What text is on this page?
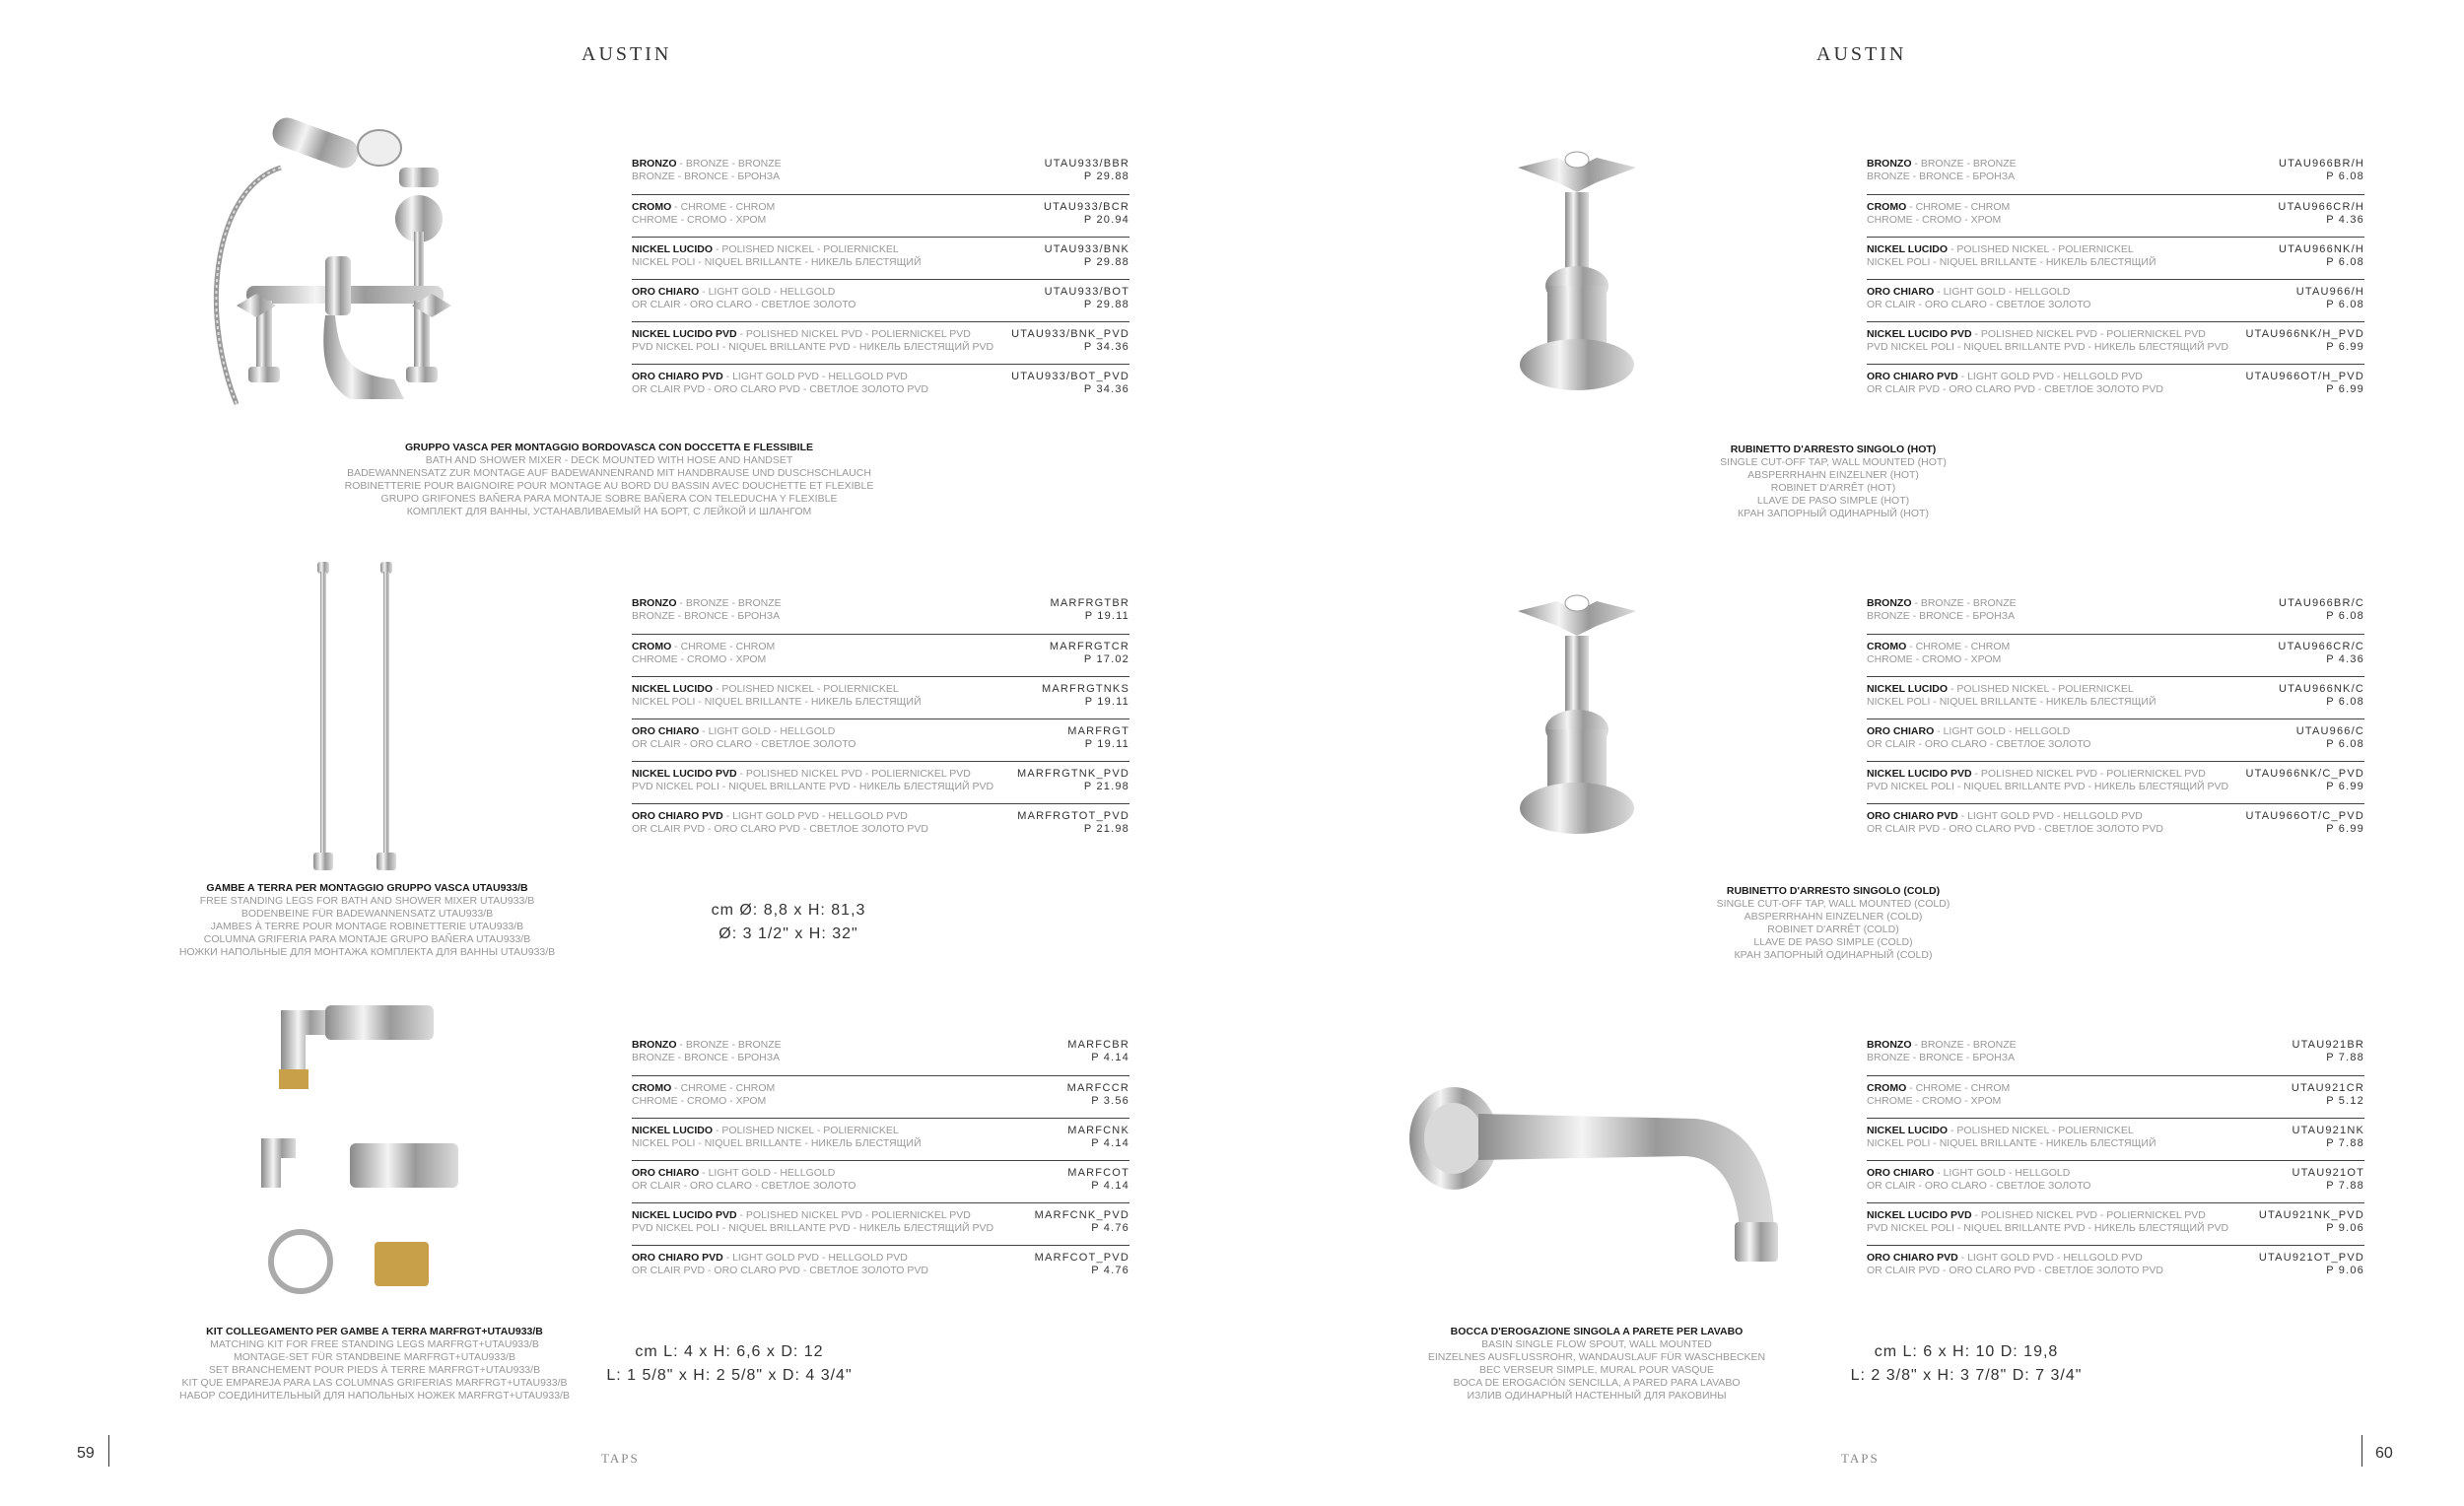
AUSTIN	AUSTIN
59	TAPS	TAPS	60
BRONZO - BRONZE - BRONZE
BRONZE - BRONCE - БРОНЗА
UTAU933/BBR
P 29.88
CROMO - CHROME - CHROM
CHROME - CROMO - ХРОМ
UTAU933/BCR
P 20.94
NICKEL LUCIDO - POLISHED NICKEL - POLIERNICKEL
NICKEL POLI - NIQUEL BRILLANTE - НИКЕЛЬ БЛЕСТЯЩИЙ
UTAU933/BNK
P 29.88
ORO CHIARO - LIGHT GOLD - HELLGOLD
OR CLAIR - ORO CLARO - СВЕТЛОЕ ЗОЛОТО
UTAU933/BOT
P 29.88
NICKEL LUCIDO PVD - POLISHED NICKEL PVD - POLIERNICKEL PVD
PVD NICKEL POLI - NIQUEL BRILLANTE PVD - НИКЕЛЬ БЛЕСТЯЩИЙ PVD
UTAU933/BNK_PVD
P 34.36
ORO CHIARO PVD - LIGHT GOLD PVD - HELLGOLD PVD
OR CLAIR PVD - ORO CLARO PVD - СВЕТЛОЕ ЗОЛОТО PVD
UTAU933/BOT_PVD
P 34.36
GRUPPO VASCA PER MONTAGGIO BORDOVASCA CON DOCCETTA E FLESSIBILE
BATH AND SHOWER MIXER - DECK MOUNTED WITH HOSE AND HANDSET
BADEWANNENSATZ ZUR MONTAGE AUF BADEWANNENRAND MIT HANDBRAUSE UND DUSCHSCHLAUCH
ROBINETTERIE POUR BAIGNOIRE POUR MONTAGE AU BORD DU BASSIN AVEC DOUCHETTE ET FLEXIBLE
GRUPO GRIFONES BAÑERA PARA MONTAJE SOBRE BAÑERA CON TELEDUCHA Y FLEXIBLE
КОМПЛЕКТ ДЛЯ ВАННЫ, УСТАНАВЛИВАЕМЫЙ НА БОРТ, С ЛЕЙКОЙ И ШЛАНГОМ
BRONZO - BRONZE - BRONZE
BRONZE - BRONCE - БРОНЗА
MARFRGTBR
P 19.11
CROMO - CHROME - CHROM
CHROME - CROMO - ХРОМ
MARFRGTCR
P 17.02
NICKEL LUCIDO - POLISHED NICKEL - POLIERNICKEL
NICKEL POLI - NIQUEL BRILLANTE - НИКЕЛЬ БЛЕСТЯЩИЙ
MARFRGTNKS
P 19.11
ORO CHIARO - LIGHT GOLD - HELLGOLD
OR CLAIR - ORO CLARO - СВЕТЛОЕ ЗОЛОТО
MARFRGT
P 19.11
NICKEL LUCIDO PVD - POLISHED NICKEL PVD - POLIERNICKEL PVD
PVD NICKEL POLI - NIQUEL BRILLANTE PVD - НИКЕЛЬ БЛЕСТЯЩИЙ PVD
MARFRGTNK_PVD
P 21.98
ORO CHIARO PVD - LIGHT GOLD PVD - HELLGOLD PVD
OR CLAIR PVD - ORO CLARO PVD - СВЕТЛОЕ ЗОЛОТО PVD
MARFRGTOT_PVD
P 21.98
GAMBE A TERRA PER MONTAGGIO GRUPPO VASCA UTAU933/B
FREE STANDING LEGS FOR BATH AND SHOWER MIXER UTAU933/B
BODENBEINE FÜR BADEWANNENSATZ UTAU933/B
JAMBES À TERRE POUR MONTAGE ROBINETTERIE UTAU933/B
COLUMNA GRIFERIA PARA MONTAJE GRUPO BAÑERA UTAU933/B
НОЖКИ НАПОЛЬНЫЕ ДЛЯ МОНТАЖА КОМПЛЕКТА ДЛЯ ВАННЫ UTAU933/B
cm Ø: 8,8 x H: 81,3
Ø: 3 1/2" x H: 32"
BRONZO - BRONZE - BRONZE
BRONZE - BRONCE - БРОНЗА
MARFCBR
P 4.14
CROMO - CHROME - CHROM
CHROME - CROMO - ХРОМ
MARFCCR
P 3.56
NICKEL LUCIDO - POLISHED NICKEL - POLIERNICKEL
NICKEL POLI - NIQUEL BRILLANTE - НИКЕЛЬ БЛЕСТЯЩИЙ
MARFCNK
P 4.14
ORO CHIARO - LIGHT GOLD - HELLGOLD
OR CLAIR - ORO CLARO - СВЕТЛОЕ ЗОЛОТО
MARFCOT
P 4.14
NICKEL LUCIDO PVD - POLISHED NICKEL PVD - POLIERNICKEL PVD
PVD NICKEL POLI - NIQUEL BRILLANTE PVD - НИКЕЛЬ БЛЕСТЯЩИЙ PVD
MARFCNK_PVD
P 4.76
ORO CHIARO PVD - LIGHT GOLD PVD - HELLGOLD PVD
OR CLAIR PVD - ORO CLARO PVD - СВЕТЛОЕ ЗОЛОТО PVD
MARFCOT_PVD
P 4.76
KIT COLLEGAMENTO PER GAMBE A TERRA MARFRGT+UTAU933/B
MATCHING KIT FOR FREE STANDING LEGS MARFRGT+UTAU933/B
MONTAGE-SET FÜR STANDBEINE MARFRGT+UTAU933/B
SET BRANCHEMENT POUR PIEDS À TERRE MARFRGT+UTAU933/B
KIT QUE EMPAREJA PARA LAS COLUMNAS GRIFERIAS MARFRGT+UTAU933/B
НАБОР СОЕДИНИТЕЛЬНЫЙ ДЛЯ НАПОЛЬНЫХ НОЖЕК MARFRGT+UTAU933/B
cm L: 4 x H: 6,6 x D: 12
L: 1 5/8" x H: 2 5/8" x D: 4 3/4"
BRONZO - BRONZE - BRONZE
BRONZE - BRONCE - БРОНЗА
UTAU966BR/H
P 6.08
CROMO - CHROME - CHROM
CHROME - CROMO - ХРОМ
UTAU966CR/H
P 4.36
NICKEL LUCIDO - POLISHED NICKEL - POLIERNICKEL
NICKEL POLI - NIQUEL BRILLANTE - НИКЕЛЬ БЛЕСТЯЩИЙ
UTAU966NK/H
P 6.08
ORO CHIARO - LIGHT GOLD - HELLGOLD
OR CLAIR - ORO CLARO - СВЕТЛОЕ ЗОЛОТО
UTAU966/H
P 6.08
NICKEL LUCIDO PVD - POLISHED NICKEL PVD - POLIERNICKEL PVD
PVD NICKEL POLI - NIQUEL BRILLANTE PVD - НИКЕЛЬ БЛЕСТЯЩИЙ PVD
UTAU966NK/H_PVD
P 6.99
ORO CHIARO PVD - LIGHT GOLD PVD - HELLGOLD PVD
OR CLAIR PVD - ORO CLARO PVD - СВЕТЛОЕ ЗОЛОТО PVD
UTAU966OT/H_PVD
P 6.99
RUBINETTO D'ARRESTO SINGOLO (HOT)
SINGLE CUT-OFF TAP, WALL MOUNTED (HOT)
ABSPERRHAHN EINZELNER (HOT)
ROBINET D'ARRÊT (HOT)
LLAVE DE PASO SIMPLE (HOT)
КРАН ЗАПОРНЫЙ ОДИНАРНЫЙ (HOT)
BRONZO - BRONZE - BRONZE
BRONZE - BRONCE - БРОНЗА
UTAU966BR/C
P 6.08
CROMO - CHROME - CHROM
CHROME - CROMO - ХРОМ
UTAU966CR/C
P 4.36
NICKEL LUCIDO - POLISHED NICKEL - POLIERNICKEL
NICKEL POLI - NIQUEL BRILLANTE - НИКЕЛЬ БЛЕСТЯЩИЙ
UTAU966NK/C
P 6.08
ORO CHIARO - LIGHT GOLD - HELLGOLD
OR CLAIR - ORO CLARO - СВЕТЛОЕ ЗОЛОТО
UTAU966/C
P 6.08
NICKEL LUCIDO PVD - POLISHED NICKEL PVD - POLIERNICKEL PVD
PVD NICKEL POLI - NIQUEL BRILLANTE PVD - НИКЕЛЬ БЛЕСТЯЩИЙ PVD
UTAU966NK/C_PVD
P 6.99
ORO CHIARO PVD - LIGHT GOLD PVD - HELLGOLD PVD
OR CLAIR PVD - ORO CLARO PVD - СВЕТЛОЕ ЗОЛОТО PVD
UTAU966OT/C_PVD
P 6.99
RUBINETTO D'ARRESTO SINGOLO (COLD)
SINGLE CUT-OFF TAP, WALL MOUNTED (COLD)
ABSPERRHAHN EINZELNER (COLD)
ROBINET D'ARRÊT (COLD)
LLAVE DE PASO SIMPLE (COLD)
КРАН ЗАПОРНЫЙ ОДИНАРНЫЙ (COLD)
BRONZO - BRONZE - BRONZE
BRONZE - BRONCE - БРОНЗА
UTAU921BR
P 7.88
CROMO - CHROME - CHROM
CHROME - CROMO - ХРОМ
UTAU921CR
P 5.12
NICKEL LUCIDO - POLISHED NICKEL - POLIERNICKEL
NICKEL POLI - NIQUEL BRILLANTE - НИКЕЛЬ БЛЕСТЯЩИЙ
UTAU921NK
P 7.88
ORO CHIARO - LIGHT GOLD - HELLGOLD
OR CLAIR - ORO CLARO - СВЕТЛОЕ ЗОЛОТО
UTAU921OT
P 7.88
NICKEL LUCIDO PVD - POLISHED NICKEL PVD - POLIERNICKEL PVD
PVD NICKEL POLI - NIQUEL BRILLANTE PVD - НИКЕЛЬ БЛЕСТЯЩИЙ PVD
UTAU921NK_PVD
P 9.06
ORO CHIARO PVD - LIGHT GOLD PVD - HELLGOLD PVD
OR CLAIR PVD - ORO CLARO PVD - СВЕТЛОЕ ЗОЛОТО PVD
UTAU921OT_PVD
P 9.06
BOCCA D'EROGAZIONE SINGOLA A PARETE PER LAVABO
BASIN SINGLE FLOW SPOUT, WALL MOUNTED
EINZELNES AUSFLUSSROHR, WANDAUSLAUF FÜR WASCHBECKEN
BEC VERSEUR SIMPLE, MURAL POUR VASQUE
BOCA DE EROGACIÓN SENCILLA, A PARED PARA LAVABO
ИЗЛИВ ОДИНАРНЫЙ НАСТЕННЫЙ ДЛЯ РАКОВИНЫ
cm L: 6 x H: 10 D: 19,8
L: 2 3/8" x H: 3 7/8" D: 7 3/4"
